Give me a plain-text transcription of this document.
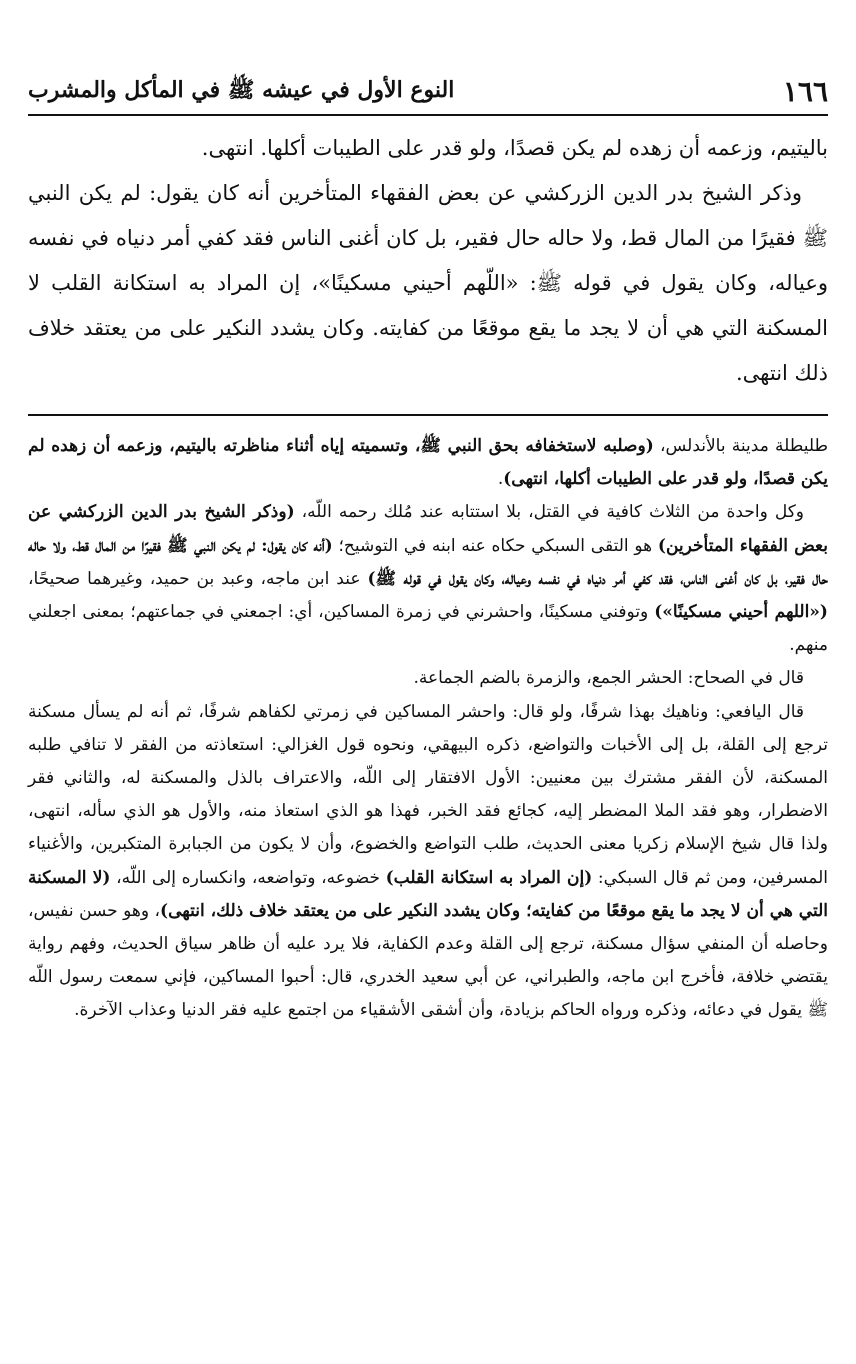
١٦٦
النوع الأول في عيشه ﷺ في المأكل والمشرب

باليتيم، وزعمه أن زهده لم يكن قصدًا، ولو قدر على الطيبات أكلها. انتهى.

وذكر الشيخ بدر الدين الزركشي عن بعض الفقهاء المتأخرين أنه كان يقول: لم يكن النبي ﷺ فقيرًا من المال قط، ولا حاله حال فقير، بل كان أغنى الناس فقد كفي أمر دنياه في نفسه وعياله، وكان يقول في قوله ﷺ: «اللّهم أحيني مسكينًا»، إن المراد به استكانة القلب لا المسكنة التي هي أن لا يجد ما يقع موقعًا من كفايته. وكان يشدد النكير على من يعتقد خلاف ذلك انتهى.

طليطلة مدينة بالأندلس، (وصلبه لاستخفافه بحق النبي ﷺ، وتسميته إياه أثناء مناظرته باليتيم، وزعمه أن زهده لم يكن قصدًا، ولو قدر على الطيبات أكلها، انتهى).

وكل واحدة من الثلاث كافية في القتل، بلا استتابه عند مُلك رحمه اللّه، (وذكر الشيخ بدر الدين الزركشي عن بعض الفقهاء المتأخرين) هو التقى السبكي حكاه عنه ابنه في التوشيح؛ (أنه كان يقول: لم يكن النبي ﷺ فقيرًا من المال قط، ولا حاله حال فقير، بل كان أغنى الناس، فقد كفي أمر دنياه في نفسه وعياله، وكان يقول في قوله ﷺ) عند ابن ماجه، وعبد بن حميد، وغيرهما صحيحًا، («اللهم أحيني مسكينًا») وتوفني مسكينًا، واحشرني في زمرة المساكين، أي: اجمعني في جماعتهم؛ بمعنى اجعلني منهم.

قال في الصحاح: الحشر الجمع، والزمرة بالضم الجماعة.

قال اليافعي: وناهيك بهذا شرفًا، ولو قال: واحشر المساكين في زمرتي لكفاهم شرفًا، ثم أنه لم يسأل مسكنة ترجع إلى القلة، بل إلى الأخبات والتواضع، ذكره البيهقي، ونحوه قول الغزالي: استعاذته من الفقر لا تنافي طلبه المسكنة، لأن الفقر مشترك بين معنيين: الأول الافتقار إلى اللّه، والاعتراف بالذل والمسكنة له، والثاني فقر الاضطرار، وهو فقد الملا المضطر إليه، كجائع فقد الخبر، فهذا هو الذي استعاذ منه، والأول هو الذي سأله، انتهى، ولذا قال شيخ الإسلام زكريا معنى الحديث، طلب التواضع والخضوع، وأن لا يكون من الجبابرة المتكبرين، والأغنياء المسرفين، ومن ثم قال السبكي: (إن المراد به استكانة القلب) خضوعه، وتواضعه، وانكساره إلى اللّه، (لا المسكنة التي هي أن لا يجد ما يقع موقعًا من كفايته؛ وكان يشدد النكير على من يعتقد خلاف ذلك، انتهى)، وهو حسن نفيس، وحاصله أن المنفي سؤال مسكنة، ترجع إلى القلة وعدم الكفاية، فلا يرد عليه أن ظاهر سياق الحديث، وفهم رواية يقتضي خلافة، فأخرج ابن ماجه، والطبراني، عن أبي سعيد الخدري، قال: أحبوا المساكين، فإني سمعت رسول اللّه ﷺ يقول في دعائه، وذكره ورواه الحاكم بزيادة، وأن أشقى الأشقياء من اجتمع عليه فقر الدنيا وعذاب الآخرة.
